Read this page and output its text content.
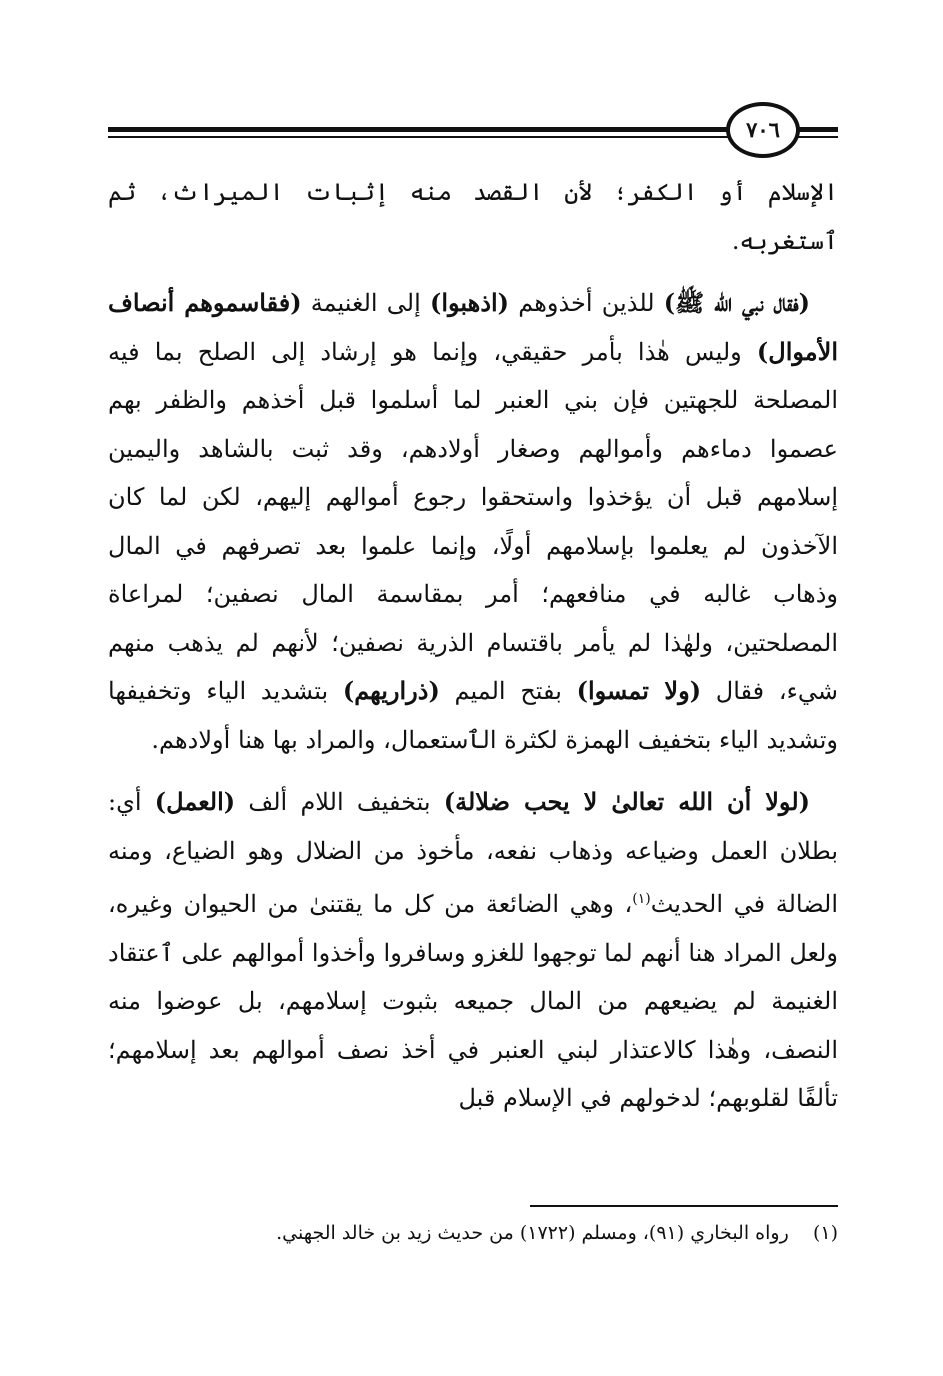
٧٠٦

الإسلام أو الكفر؛ لأن القصد منه إثبات الميراث، ثم ٱستغربه.

(فقال نبي الله ﷺ) للذين أخذوهم (اذهبوا) إلى الغنيمة (فقاسموهم أنصاف الأموال) وليس هٰذا بأمر حقيقي، وإنما هو إرشاد إلى الصلح بما فيه المصلحة للجهتين فإن بني العنبر لما أسلموا قبل أخذهم والظفر بهم عصموا دماءهم وأموالهم وصغار أولادهم، وقد ثبت بالشاهد واليمين إسلامهم قبل أن يؤخذوا واستحقوا رجوع أموالهم إليهم، لكن لما كان الآخذون لم يعلموا بإسلامهم أولًا، وإنما علموا بعد تصرفهم في المال وذهاب غالبه في منافعهم؛ أمر بمقاسمة المال نصفين؛ لمراعاة المصلحتين، ولهٰذا لم يأمر باقتسام الذرية نصفين؛ لأنهم لم يذهب منهم شيء، فقال (ولا تمسوا) بفتح الميم (ذراريهم) بتشديد الياء وتخفيفها وتشديد الياء بتخفيف الهمزة لكثرة الٱستعمال، والمراد بها هنا أولادهم.

(لولا أن الله تعالىٰ لا يحب ضلالة) بتخفيف اللام ألف (العمل) أي: بطلان العمل وضياعه وذهاب نفعه، مأخوذ من الضلال وهو الضياع، ومنه الضالة في الحديث$^{(١)}$، وهي الضائعة من كل ما يقتنىٰ من الحيوان وغيره، ولعل المراد هنا أنهم لما توجهوا للغزو وسافروا وأخذوا أموالهم على ٱعتقاد الغنيمة لم يضيعهم من المال جميعه بثبوت إسلامهم، بل عوضوا منه النصف، وهٰذا كالاعتذار لبني العنبر في أخذ نصف أموالهم بعد إسلامهم؛ تألفًا لقلوبهم؛ لدخولهم في الإسلام قبل

(١)    رواه البخاري (٩١)، ومسلم (١٧٢٢) من حديث زيد بن خالد الجهني.
